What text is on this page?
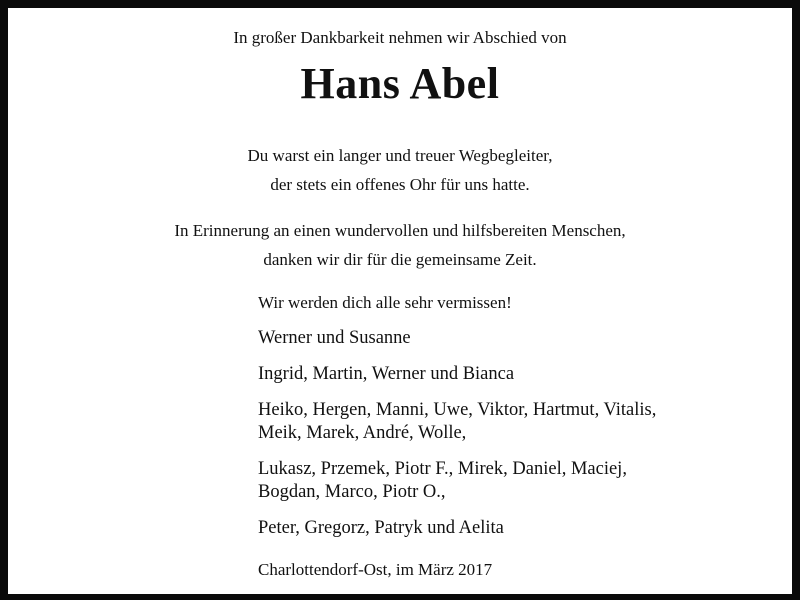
In großer Dankbarkeit nehmen wir Abschied von
Hans Abel
Du warst ein langer und treuer Wegbegleiter,
der stets ein offenes Ohr für uns hatte.
In Erinnerung an einen wundervollen und hilfsbereiten Menschen,
danken wir dir für die gemeinsame Zeit.
Wir werden dich alle sehr vermissen!
Werner und Susanne
Ingrid, Martin, Werner und Bianca
Heiko, Hergen, Manni, Uwe, Viktor, Hartmut, Vitalis,
Meik, Marek, André, Wolle,
Lukasz, Przemek, Piotr F., Mirek, Daniel, Maciej,
Bogdan, Marco, Piotr O.,
Peter, Gregorz, Patryk und Aelita
Charlottendorf-Ost, im März 2017
